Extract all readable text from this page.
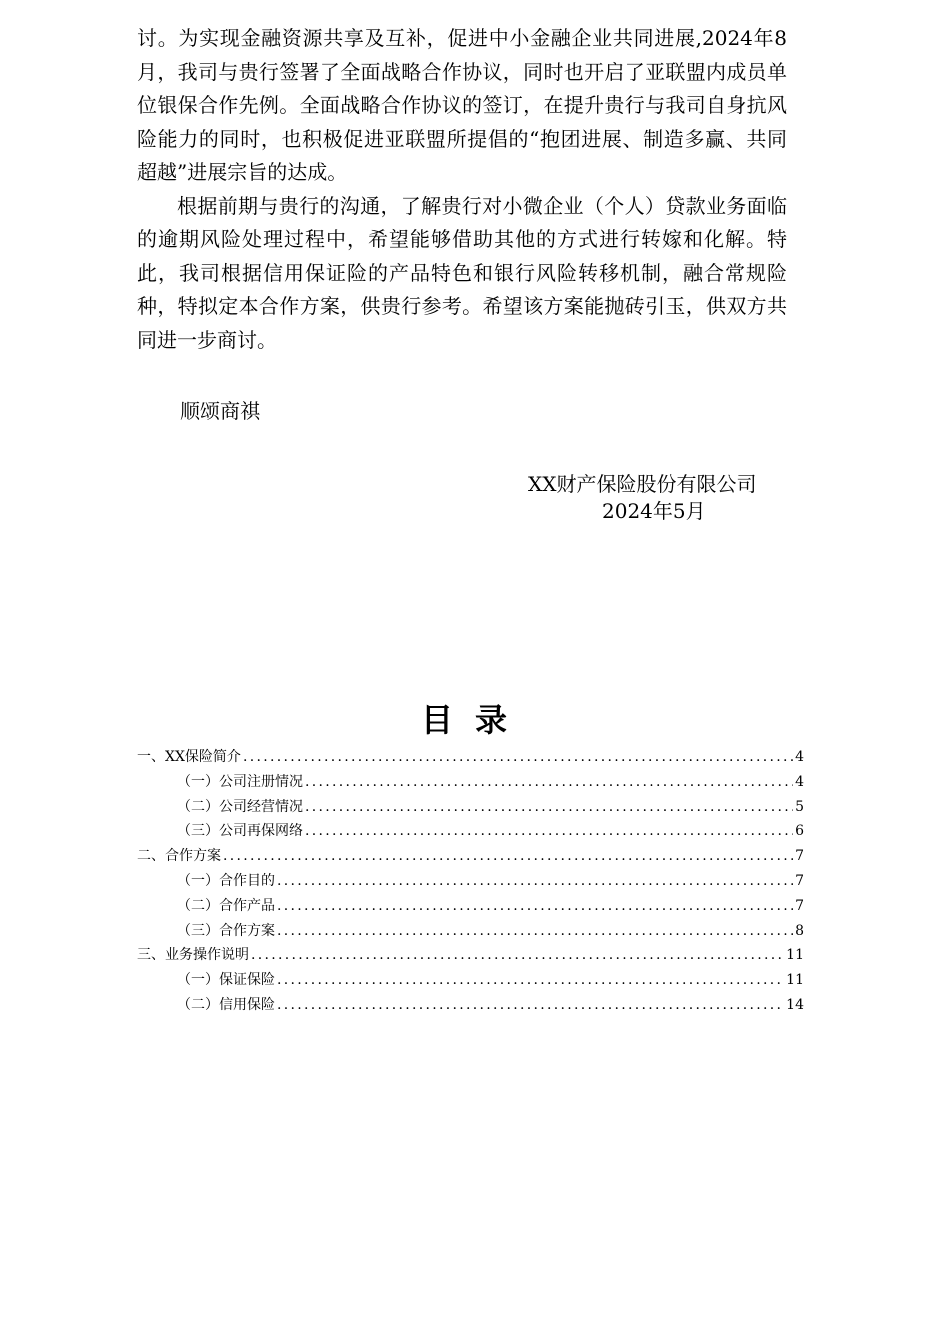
讨。为实现金融资源共享及互补，促进中小金融企业共同进展,2024年8月，我司与贵行签署了全面战略合作协议，同时也开启了亚联盟内成员单位银保合作先例。全面战略合作协议的签订，在提升贵行与我司自身抗风险能力的同时，也积极促进亚联盟所提倡的“抱团进展、制造多赢、共同超越”进展宗旨的达成。

根据前期与贵行的沟通，了解贵行对小微企业（个人）贷款业务面临的逾期风险处理过程中，希望能够借助其他的方式进行转嫁和化解。特此，我司根据信用保证险的产品特色和银行风险转移机制，融合常规险种，特拟定本合作方案，供贵行参考。希望该方案能抛砖引玉，供双方共同进一步商讨。

顺颂商祺
XX财产保险股份有限公司
2024年5月
目录
一、XX保险简介 .....	4
（一）公司注册情况 .....	4
（二）公司经营情况 .....	5
（三）公司再保网络 .....	6
二、合作方案 .....	7
（一）合作目的 .....	7
（二）合作产品 .....	7
（三）合作方案 .....	8
三、业务操作说明 .....	11
（一）保证保险 .....	11
（二）信用保险 .....	14
